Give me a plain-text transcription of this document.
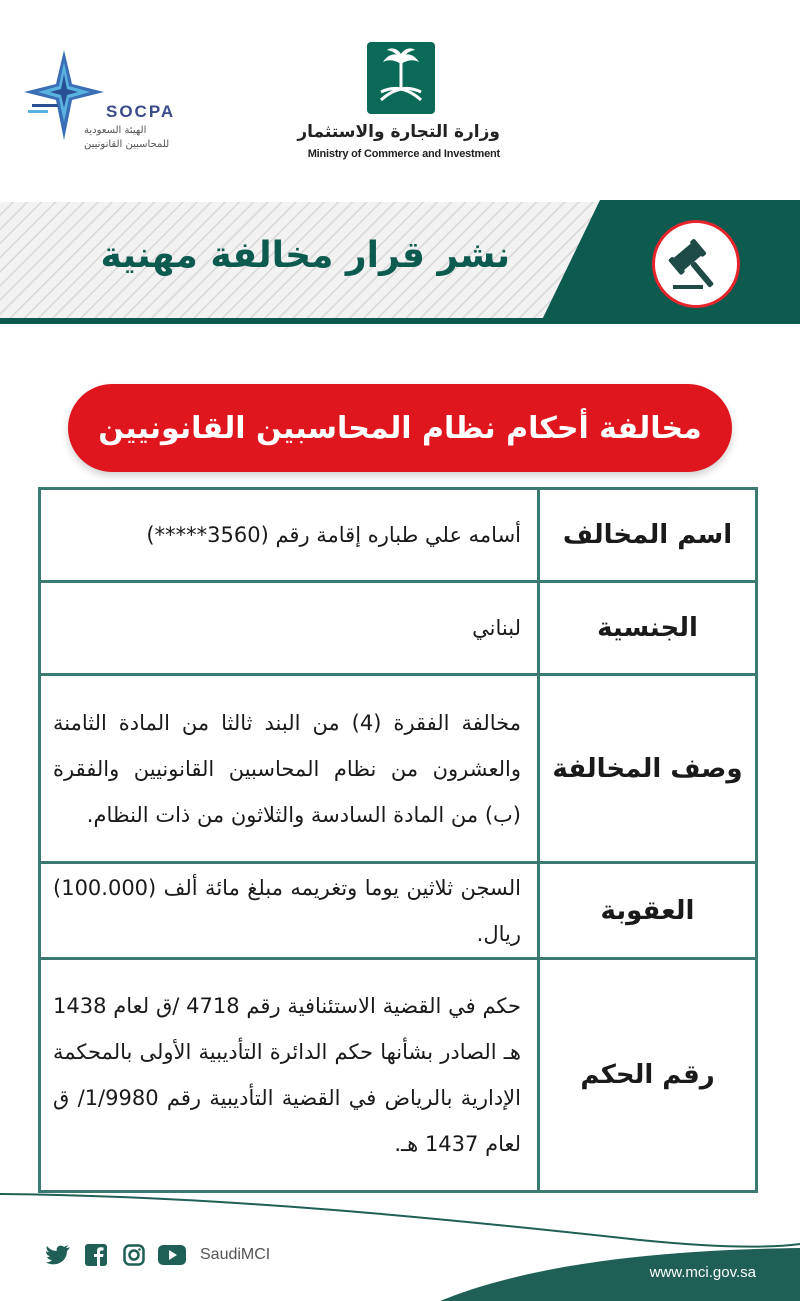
SOCPA
الهيئة السعودية
للمحاسبين القانونيين
وزارة التجارة والاستثمار
Ministry of Commerce and Investment
نشر قرار مخالفة مهنية
مخالفة أحكام نظام المحاسبين القانونيين
اسم المخالف
أسامه علي طباره إقامة رقم (3560*****)
الجنسية
لبناني
وصف المخالفة
مخالفة الفقرة (4) من البند ثالثا من المادة الثامنة والعشرون من نظام المحاسبين القانونيين والفقرة (ب) من المادة السادسة والثلاثون من ذات النظام.
العقوبة
السجن ثلاثين يوما وتغريمه مبلغ مائة ألف (100.000) ريال.
رقم الحكم
حكم في القضية الاستئنافية رقم 4718 /ق لعام 1438 هـ الصادر بشأنها حكم الدائرة التأديبية الأولى بالمحكمة الإدارية بالرياض في القضية التأديبية رقم 1/9980/ ق لعام 1437 هـ.
SaudiMCI
www.mci.gov.sa
